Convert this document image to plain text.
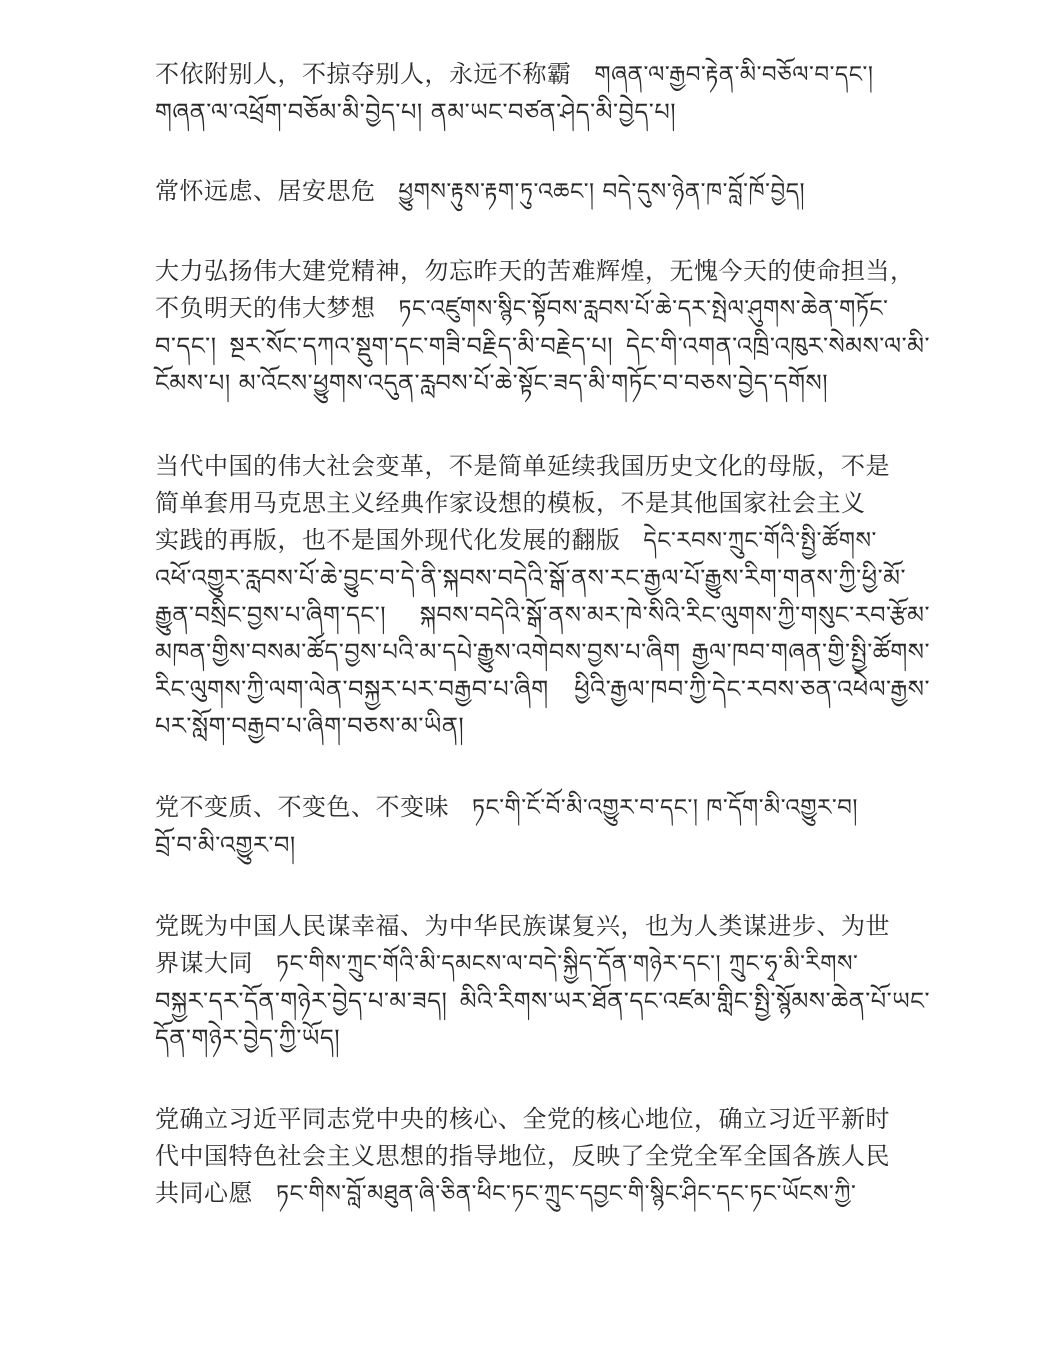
不依附别人，不掠夺别人，永远不称霸 གཞན་ལ་རྒྱབ་རྟེན་མི་བཅོལ་བ་དང་།

གཞན་ལ་འཕྲོག་བཅོམ་མི་བྱེད་པ། ནམ་ཡང་བཙན་ཤེད་མི་བྱེད་པ།

常怀远虑、居安思危 ཕྱུགས་རྟུས་རྟག་ཏུ་འཆང་། བདེ་དུས་ཉེན་ཁ་བློ་ཁོ་བྱེད།

大力弘扬伟大建党精神，勿忘昨天的苦难辉煌，无愧今天的使命担当，

不负明天的伟大梦想 ཏང་འཛུགས་སྙིང་སྟོབས་རླབས་པོ་ཆེ་དར་སྤེལ་ཤུགས་ཆེན་གཏོང་

བ་དང་། སྔར་སོང་དཀའ་སྡུག་དང་གཟི་བརྗིད་མི་བརྗེད་པ། དེང་གི་འགན་འཁྲི་འཁུར་སེམས་ལ་མི་ངོམས་པ། མ་འོངས་ཕྱུགས་འདུན་རླབས་པོ་ཆེ་སྟོང་ཟད་མི་གཏོང་བ་བཅས་བྱེད་དགོས།

当代中国的伟大社会变革，不是简单延续我国历史文化的母版，不是

简单套用马克思主义经典作家设想的模板，不是其他国家社会主义

实践的再版，也不是国外现代化发展的翻版 དེང་རབས་ཀྲུང་གོའི་སྤྱི་ཚོགས་

འཕོ་འགྱུར་རླབས་པོ་ཆེ་བྱུང་བ་དེ་ནི་སྐབས་བདེའི་སྒོ་ནས་རང་རྒྱལ་པོ་རྒྱུས་རིག་གནས་ཀྱི་ཕྱི་མོ་རྒྱུན་བསྲིང་བྱས་པ་ཞིག་དང་། སྐབས་བདེའི་སྒོ་ནས་མར་ཁེ་སིའི་རིང་ལུགས་ཀྱི་གསུང་རབ་རྩོམ་མཁན་གྱིས་བསམ་ཚོད་བྱས་པའི་མ་དཔེ་རྒྱུས་འགེབས་བྱས་པ་ཞིག རྒྱལ་ཁབ་གཞན་གྱི་སྤྱི་ཚོགས་རིང་ལུགས་ཀྱི་ལག་ལེན་བསྐྱར་པར་བརྒྱབ་པ་ཞིག ཕྱིའི་རྒྱལ་ཁབ་ཀྱི་དེང་རབས་ཅན་འཕེལ་རྒྱས་པར་སློག་བརྒྱབ་པ་ཞིག་བཅས་མ་ཡིན།

党不变质、不变色、不变味 ཏང་གི་ངོ་བོ་མི་འགྱུར་བ་དང་། ཁ་དོག་མི་འགྱུར་བ།

བྲོ་བ་མི་འགྱུར་བ།

党既为中国人民谋幸福、为中华民族谋复兴，也为人类谋进步、为世

界谋大同 ཏང་གིས་ཀྲུང་གོའི་མི་དམངས་ལ་བདེ་སྐྱིད་དོན་གཉེར་དང་། ཀྲུང་ཧྭ་མི་རིགས་

བསྐྱར་དར་དོན་གཉེར་བྱེད་པ་མ་ཟད། མིའི་རིགས་ཡར་ཐོན་དང་འཛམ་གླིང་སྤྱི་སྙོམས་ཆེན་པོ་ཡང་དོན་གཉེར་བྱེད་ཀྱི་ཡོད།

党确立习近平同志党中央的核心、全党的核心地位，确立习近平新时

代中国特色社会主义思想的指导地位，反映了全党全军全国各族人民

共同心愿 ཏང་གིས་བློ་མཐུན་ཞི་ཅིན་ཕིང་ཏང་ཀྲུང་དབྱང་གི་སྙིང་ཤིང་དང་ཏང་ཡོངས་ཀྱི་
